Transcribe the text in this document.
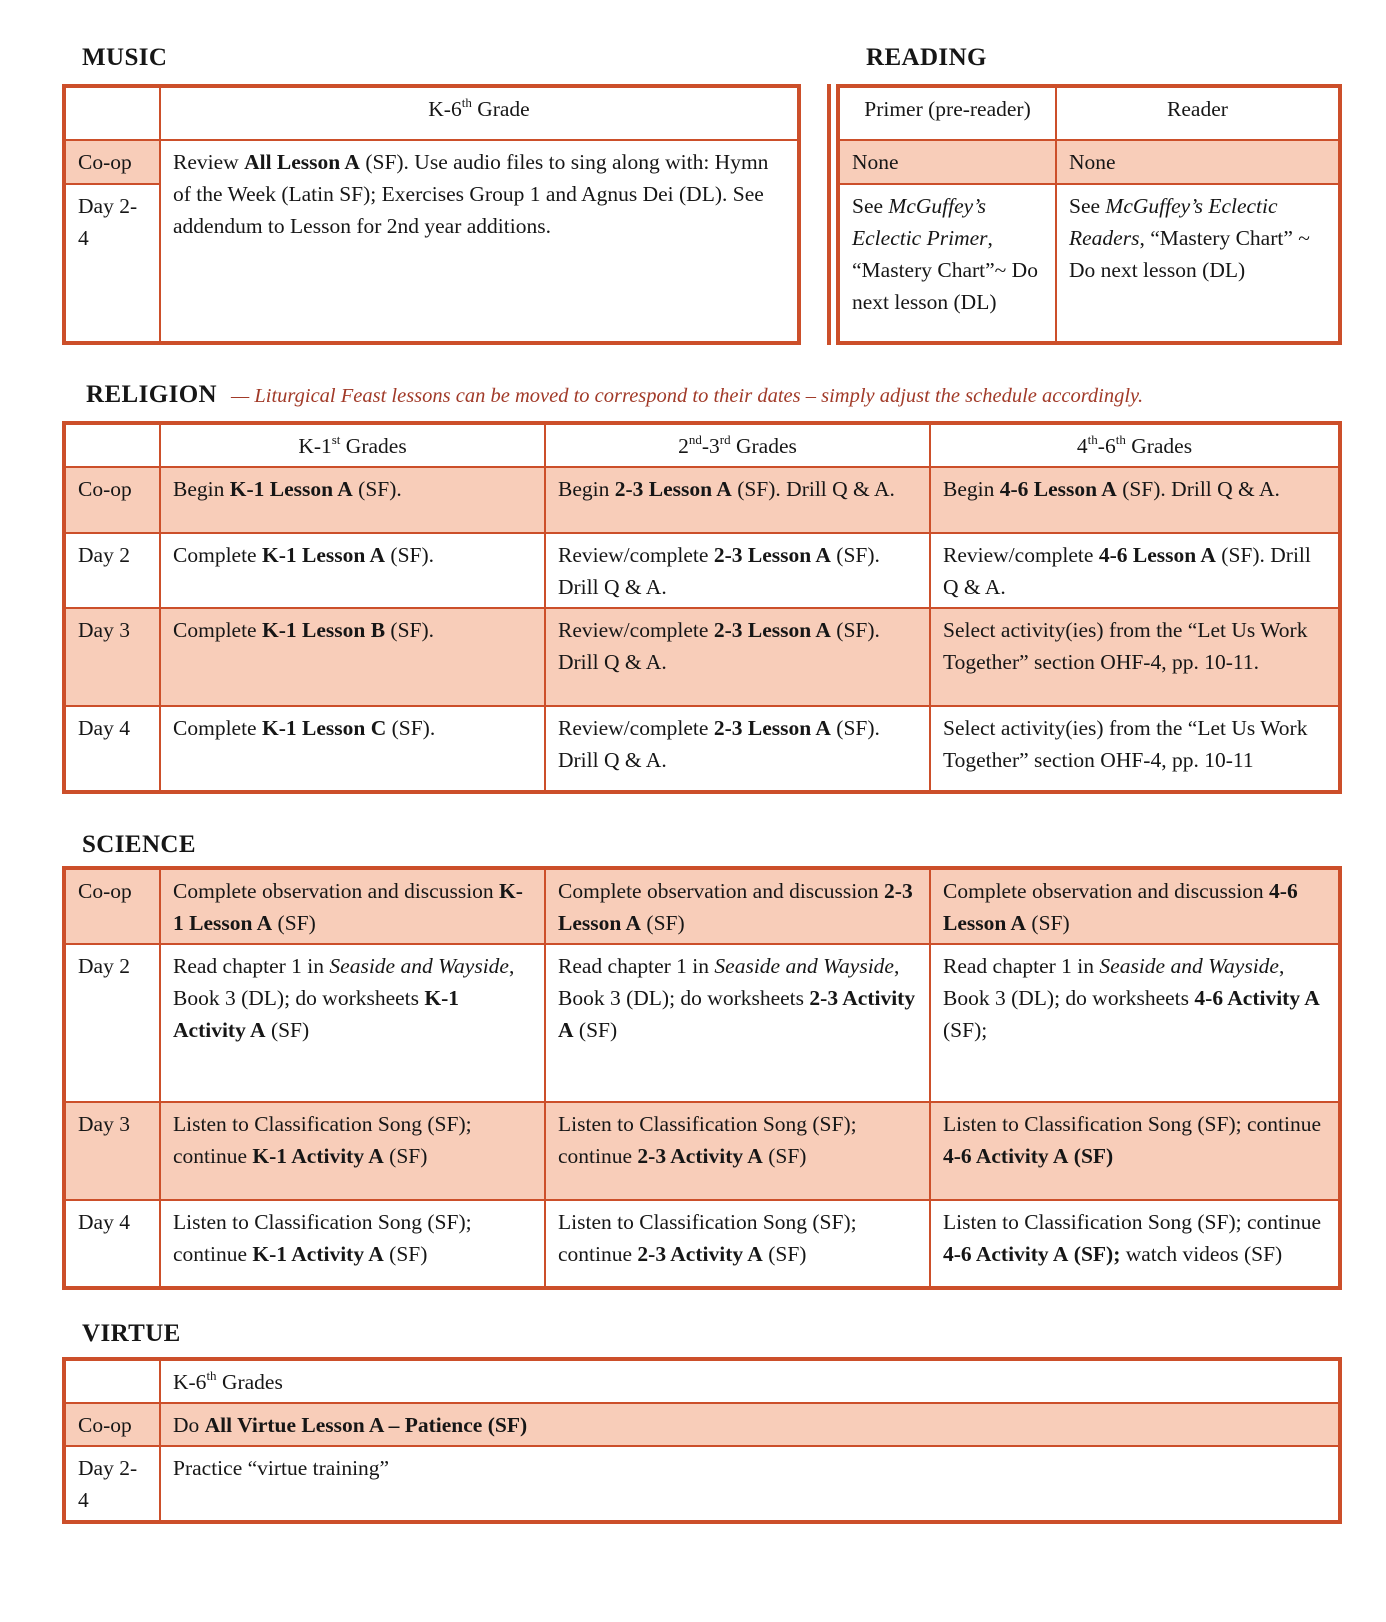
MUSIC
	K-6th Grade
Co-op	Review All Lesson A (SF). Use audio files to sing along with: Hymn of the Week (Latin SF); Exercises Group 1 and Agnus Dei (DL). See addendum to Lesson for 2nd year additions.
Day 2-4	
READING
Primer (pre-reader)	Reader
None	None
See McGuffey’s Eclectic Primer, “Mastery Chart”~ Do next lesson (DL)	See McGuffey’s Eclectic Readers, “Mastery Chart” ~ Do next lesson (DL)
RELIGION — Liturgical Feast lessons can be moved to correspond to their dates – simply adjust the schedule accordingly.
	K-1st Grades	2nd-3rd Grades	4th-6th Grades
Co-op	Begin K-1 Lesson A (SF).	Begin 2-3 Lesson A (SF). Drill Q & A.	Begin 4-6 Lesson A (SF). Drill Q & A.
Day 2	Complete K-1 Lesson A (SF).	Review/complete 2-3 Lesson A (SF). Drill Q & A.	Review/complete 4-6 Lesson A (SF). Drill Q & A.
Day 3	Complete K-1 Lesson B (SF).	Review/complete 2-3 Lesson A (SF). Drill Q & A.	Select activity(ies) from the “Let Us Work Together” section OHF-4, pp. 10-11.
Day 4	Complete K-1 Lesson C (SF).	Review/complete 2-3 Lesson A (SF). Drill Q & A.	Select activity(ies) from the “Let Us Work Together” section OHF-4, pp. 10-11
SCIENCE
Co-op	Complete observation and discussion K-1 Lesson A (SF)	Complete observation and discussion 2-3 Lesson A (SF)	Complete observation and discussion 4-6 Lesson A (SF)
Day 2	Read chapter 1 in Seaside and Wayside, Book 3 (DL); do worksheets K-1 Activity A (SF)	Read chapter 1 in Seaside and Wayside, Book 3 (DL); do worksheets 2-3 Activity A (SF)	Read chapter 1 in Seaside and Wayside, Book 3 (DL); do worksheets 4-6 Activity A (SF);
Day 3	Listen to Classification Song (SF); continue K-1 Activity A (SF)	Listen to Classification Song (SF); continue 2-3 Activity A (SF)	Listen to Classification Song (SF); continue 4-6 Activity A (SF)
Day 4	Listen to Classification Song (SF); continue K-1 Activity A (SF)	Listen to Classification Song (SF); continue 2-3 Activity A (SF)	Listen to Classification Song (SF); continue 4-6 Activity A (SF); watch videos (SF)
VIRTUE
	K-6th Grades
Co-op	Do All Virtue Lesson A – Patience (SF)
Day 2-4	Practice “virtue training”
